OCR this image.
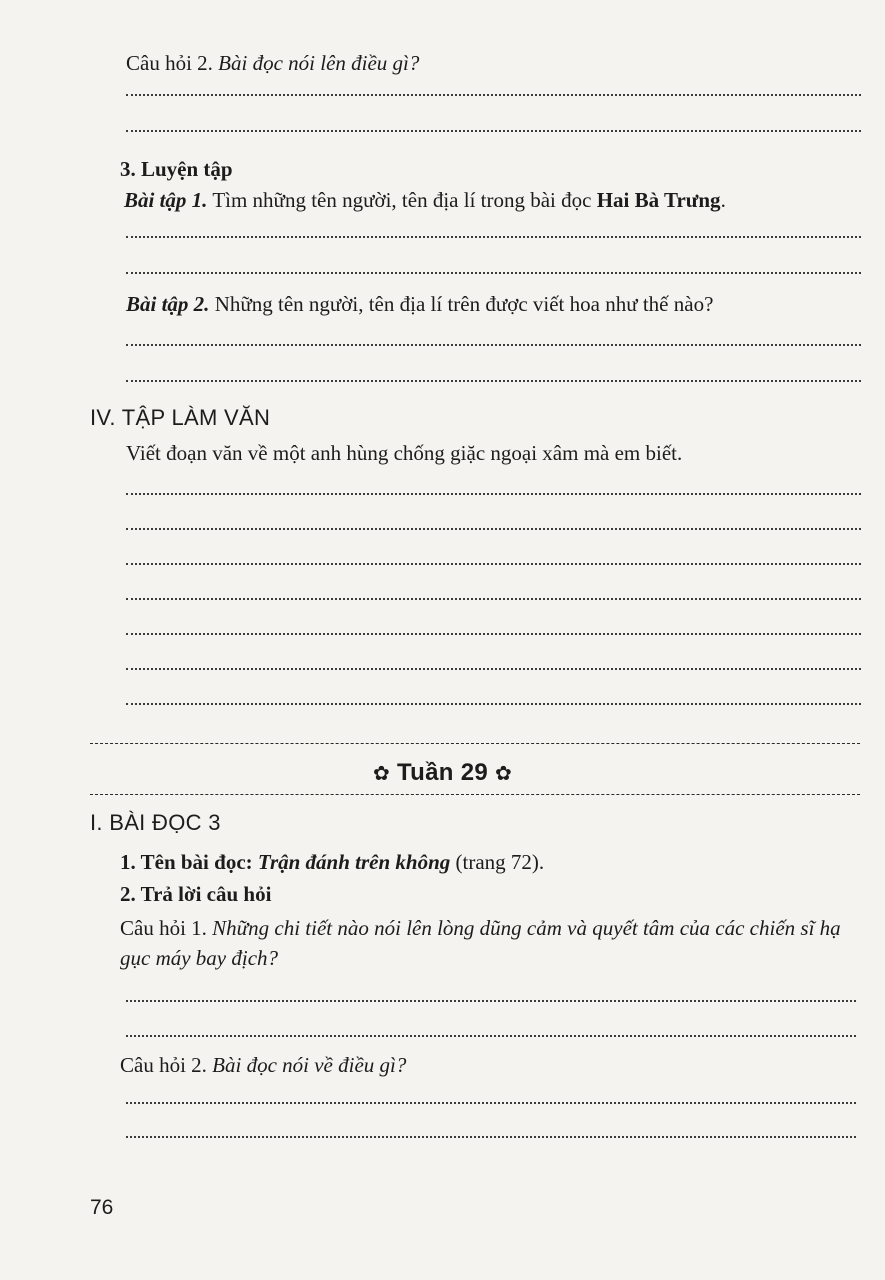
Câu hỏi 2. Bài đọc nói lên điều gì?
3. Luyện tập
Bài tập 1. Tìm những tên người, tên địa lí trong bài đọc Hai Bà Trưng.
Bài tập 2. Những tên người, tên địa lí trên được viết hoa như thế nào?
IV. TẬP LÀM VĂN
Viết đoạn văn về một anh hùng chống giặc ngoại xâm mà em biết.
✿ Tuần 29 ✿
I. BÀI ĐỌC 3
1. Tên bài đọc: Trận đánh trên không (trang 72).
2. Trả lời câu hỏi
Câu hỏi 1. Những chi tiết nào nói lên lòng dũng cảm và quyết tâm của các chiến sĩ hạ gục máy bay địch?
Câu hỏi 2. Bài đọc nói về điều gì?
76
